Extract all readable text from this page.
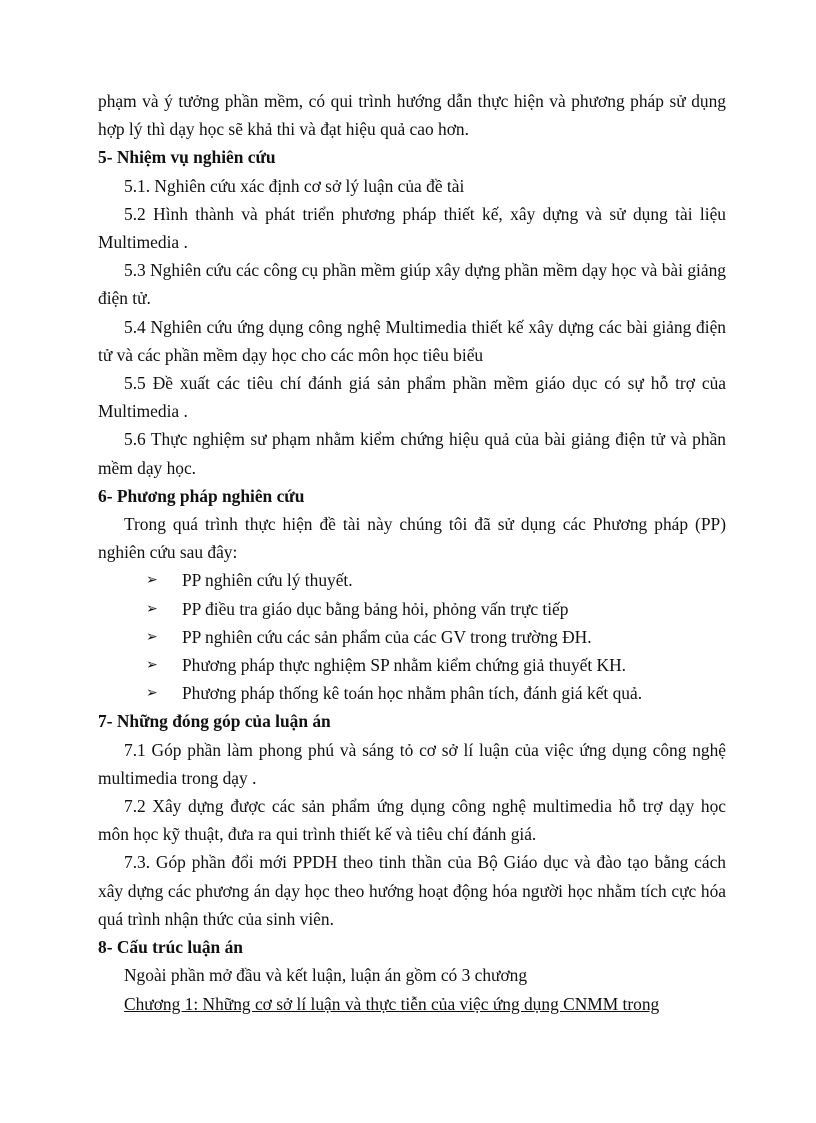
phạm và ý tưởng phần mềm, có qui trình hướng dẫn thực hiện và phương pháp sử dụng hợp lý thì dạy học sẽ khả thi và đạt hiệu quả cao hơn.

5- Nhiệm vụ nghiên cứu

5.1. Nghiên cứu xác định cơ sở lý luận của đề tài

5.2 Hình thành và phát triển phương pháp thiết kế, xây dựng và sử dụng tài liệu Multimedia .

5.3 Nghiên cứu các công cụ phần mềm giúp xây dựng phần mềm dạy học và bài giảng điện tử.

5.4 Nghiên cứu ứng dụng công nghệ Multimedia thiết kế xây dựng các bài giảng điện tử và các phần mềm dạy học cho các môn học tiêu biểu

5.5 Đề xuất các tiêu chí đánh giá sản phẩm phần mềm giáo dục có sự hỗ trợ của Multimedia .

5.6 Thực nghiệm sư phạm nhằm kiểm chứng hiệu quả của bài giảng điện tử và phần mềm dạy học.

6- Phương pháp nghiên cứu

Trong quá trình thực hiện đề tài này chúng tôi đã sử dụng các Phương pháp (PP) nghiên cứu sau đây:

➢ PP nghiên cứu lý thuyết.
➢ PP điều tra giáo dục bằng bảng hỏi, phỏng vấn trực tiếp
➢ PP nghiên cứu các sản phẩm của các GV trong trường ĐH.
➢ Phương pháp thực nghiệm SP nhằm kiểm chứng giả thuyết KH.
➢ Phương pháp thống kê toán học nhằm phân tích, đánh giá kết quả.

7- Những đóng góp của luận án

7.1 Góp phần làm phong phú và sáng tỏ cơ sở lí luận của việc ứng dụng công nghệ multimedia trong dạy .

7.2 Xây dựng được các sản phẩm ứng dụng công nghệ multimedia hỗ trợ dạy học môn học kỹ thuật, đưa ra qui trình thiết kế và tiêu chí đánh giá.

7.3. Góp phần đổi mới PPDH theo tinh thần của Bộ Giáo dục và đào tạo bằng cách xây dựng các phương án dạy học theo hướng hoạt động hóa người học nhằm tích cực hóa quá trình nhận thức của sinh viên.

8- Cấu trúc luận án

Ngoài phần mở đầu và kết luận, luận án gồm có 3 chương

Chương 1: Những cơ sở lí luận và thực tiễn của việc ứng dụng CNMM trong
